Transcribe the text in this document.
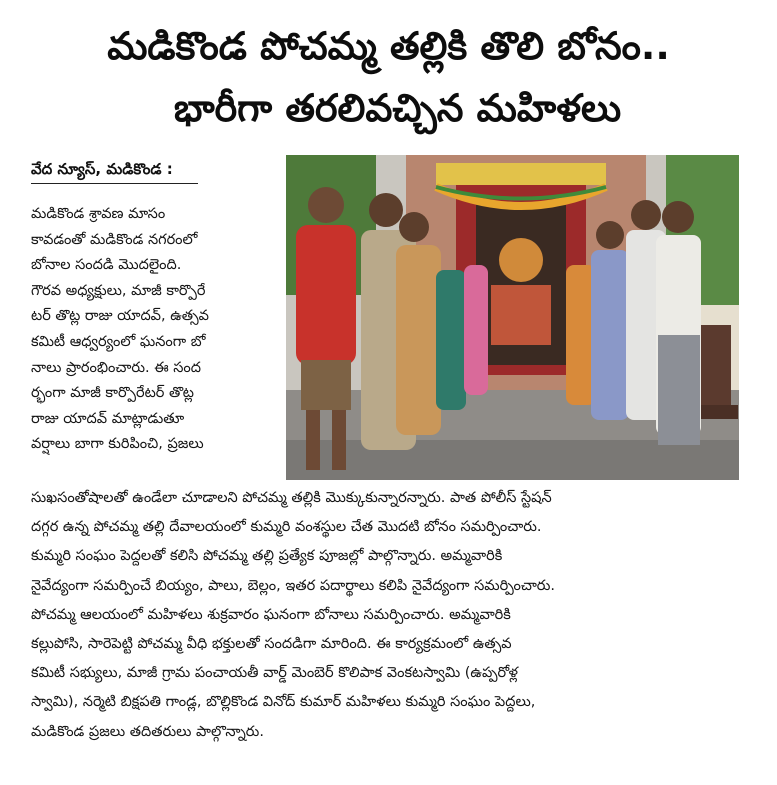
మడికొండ పోచమ్మ తల్లికి తొలి బోనం..
భారీగా తరలివచ్చిన మహిళలు
వేద న్యూస్, మడికొండ :
మడికొండ శ్రావణ మాసం
కావడంతో మడికొండ నగరంలో
బోనాల సందడి మొదలైంది.
గౌరవ అధ్యక్షులు, మాజీ కార్పొరే
టర్ తొట్ల రాజు యాదవ్, ఉత్సవ
కమిటీ ఆధ్వర్యంలో ఘనంగా బో
నాలు ప్రారంభించారు. ఈ సంద
ర్భంగా మాజీ కార్పొరేటర్ తొట్ల
రాజు యాదవ్ మాట్లాడుతూ
వర్షాలు బాగా కురిపించి, ప్రజలు
సుఖసంతోషాలతో ఉండేలా చూడాలని పోచమ్మ తల్లికి మొక్కుకున్నారన్నారు. పాత పోలీస్ స్టేషన్
దగ్గర ఉన్న పోచమ్మ తల్లి దేవాలయంలో కుమ్మరి వంశస్థుల చేత మొదటి బోనం సమర్పించారు.
కుమ్మరి సంఘం పెద్దలతో కలిసి పోచమ్మ తల్లి ప్రత్యేక పూజల్లో పాల్గొన్నారు. అమ్మవారికి
నైవేద్యంగా సమర్పించే బియ్యం, పాలు, బెల్లం, ఇతర పదార్థాలు కలిపి నైవేద్యంగా సమర్పించారు.
పోచమ్మ ఆలయంలో మహిళలు శుక్రవారం ఘనంగా బోనాలు సమర్పించారు. అమ్మవారికి
కల్లుపోసి, సారెపెట్టి పోచమ్మ వీధి భక్తులతో సందడిగా మారింది. ఈ కార్యక్రమంలో ఉత్సవ
కమిటీ సభ్యులు, మాజీ గ్రామ పంచాయతీ వార్డ్ మెంబెర్ కొలిపాక వెంకటస్వామి (ఉప్పరోళ్ల
స్వామి), నర్మెటి బిక్షపతి గాండ్ల, బొల్లికొండ వినోద్ కుమార్ మహిళలు కుమ్మరి సంఘం పెద్దలు,
మడికొండ ప్రజలు తదితరులు పాల్గొన్నారు.
